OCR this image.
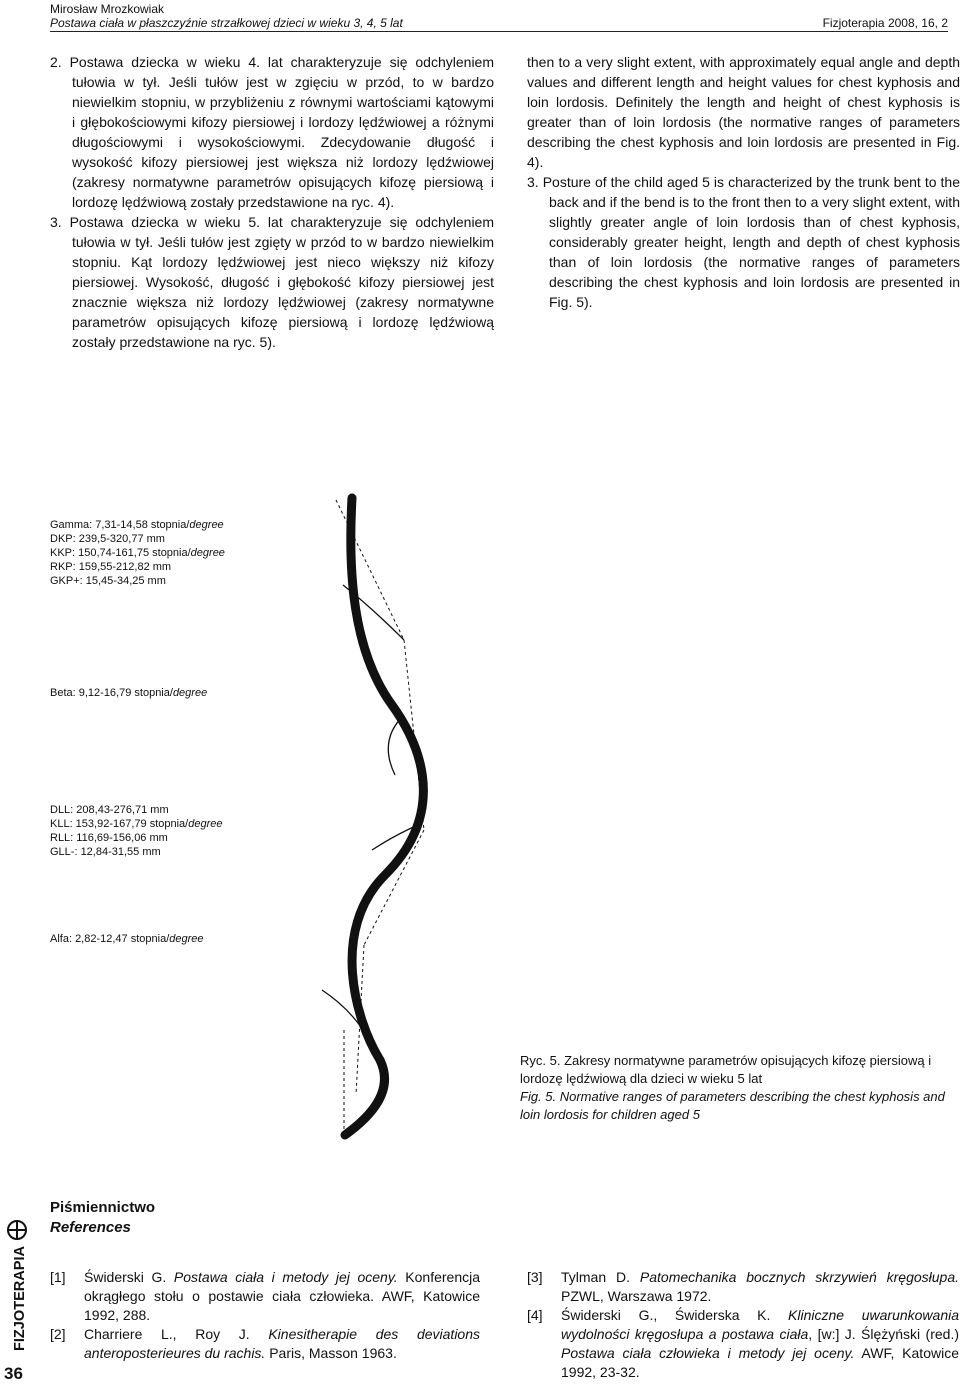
Mirosław Mrozkowiak
Postawa ciała w płaszczyźnie strzałkowej dzieci w wieku 3, 4, 5 lat	Fizjoterapia 2008, 16, 2

2. Postawa dziecka w wieku 4. lat charakteryzuje się odchyleniem tułowia w tył. Jeśli tułów jest w zgięciu w przód, to w bardzo niewielkim stopniu, w przybliżeniu z równymi wartościami kątowymi i głębokościowymi kifozy piersiowej i lordozy lędźwiowej a różnymi długościowymi i wysokościowymi. Zdecydowanie długość i wysokość kifozy piersiowej jest większa niż lordozy lędźwiowej (zakresy normatywne parametrów opisujących kifozę piersiową i lordozę lędźwiową zostały przedstawione na ryc. 4).

3. Postawa dziecka w wieku 5. lat charakteryzuje się odchyleniem tułowia w tył. Jeśli tułów jest zgięty w przód to w bardzo niewielkim stopniu. Kąt lordozy lędźwiowej jest nieco większy niż kifozy piersiowej. Wysokość, długość i głębokość kifozy piersiowej jest znacznie większa niż lordozy lędźwiowej (zakresy normatywne parametrów opisujących kifozę piersiową i lordozę lędźwiową zostały przedstawione na ryc. 5).

then to a very slight extent, with approximately equal angle and depth values and different length and height values for chest kyphosis and loin lordosis. Definitely the length and height of chest kyphosis is greater than of loin lordosis (the normative ranges of parameters describing the chest kyphosis and loin lordosis are presented in Fig. 4).

3. Posture of the child aged 5 is characterized by the trunk bent to the back and if the bend is to the front then to a very slight extent, with slightly greater angle of loin lordosis than of chest kyphosis, considerably greater height, length and depth of chest kyphosis than of loin lordosis (the normative ranges of parameters describing the chest kyphosis and loin lordosis are presented in Fig. 5).

Gamma: 7,31-14,58 stopnia/degree
DKP: 239,5-320,77 mm
KKP: 150,74-161,75 stopnia/degree
RKP: 159,55-212,82 mm
GKP+: 15,45-34,25 mm
Beta: 9,12-16,79 stopnia/degree
DLL: 208,43-276,71 mm
KLL: 153,92-167,79 stopnia/degree
RLL: 116,69-156,06 mm
GLL-: 12,84-31,55 mm
Alfa: 2,82-12,47 stopnia/degree
Ryc. 5. Zakresy normatywne parametrów opisujących kifozę piersiową i lordozę lędźwiową dla dzieci w wieku 5 lat
Fig. 5. Normative ranges of parameters describing the chest kyphosis and loin lordosis for children aged 5
Piśmiennictwo
References
[1]	Świderski G. Postawa ciała i metody jej oceny. Konferencja okrągłego stołu o postawie ciała człowieka. AWF, Katowice 1992, 288.
[2]	Charriere L., Roy J. Kinesitherapie des deviations anteroposterieures du rachis. Paris, Masson 1963.
[3]	Tylman D. Patomechanika bocznych skrzywień kręgosłupa. PZWL, Warszawa 1972.
[4]	Świderski G., Świderska K. Kliniczne uwarunkowania wydolności kręgosłupa a postawa ciała, [w:] J. Ślężyński (red.) Postawa ciała człowieka i metody jej oceny. AWF, Katowice 1992, 23-32.
FIZJOTERAPIA
36
